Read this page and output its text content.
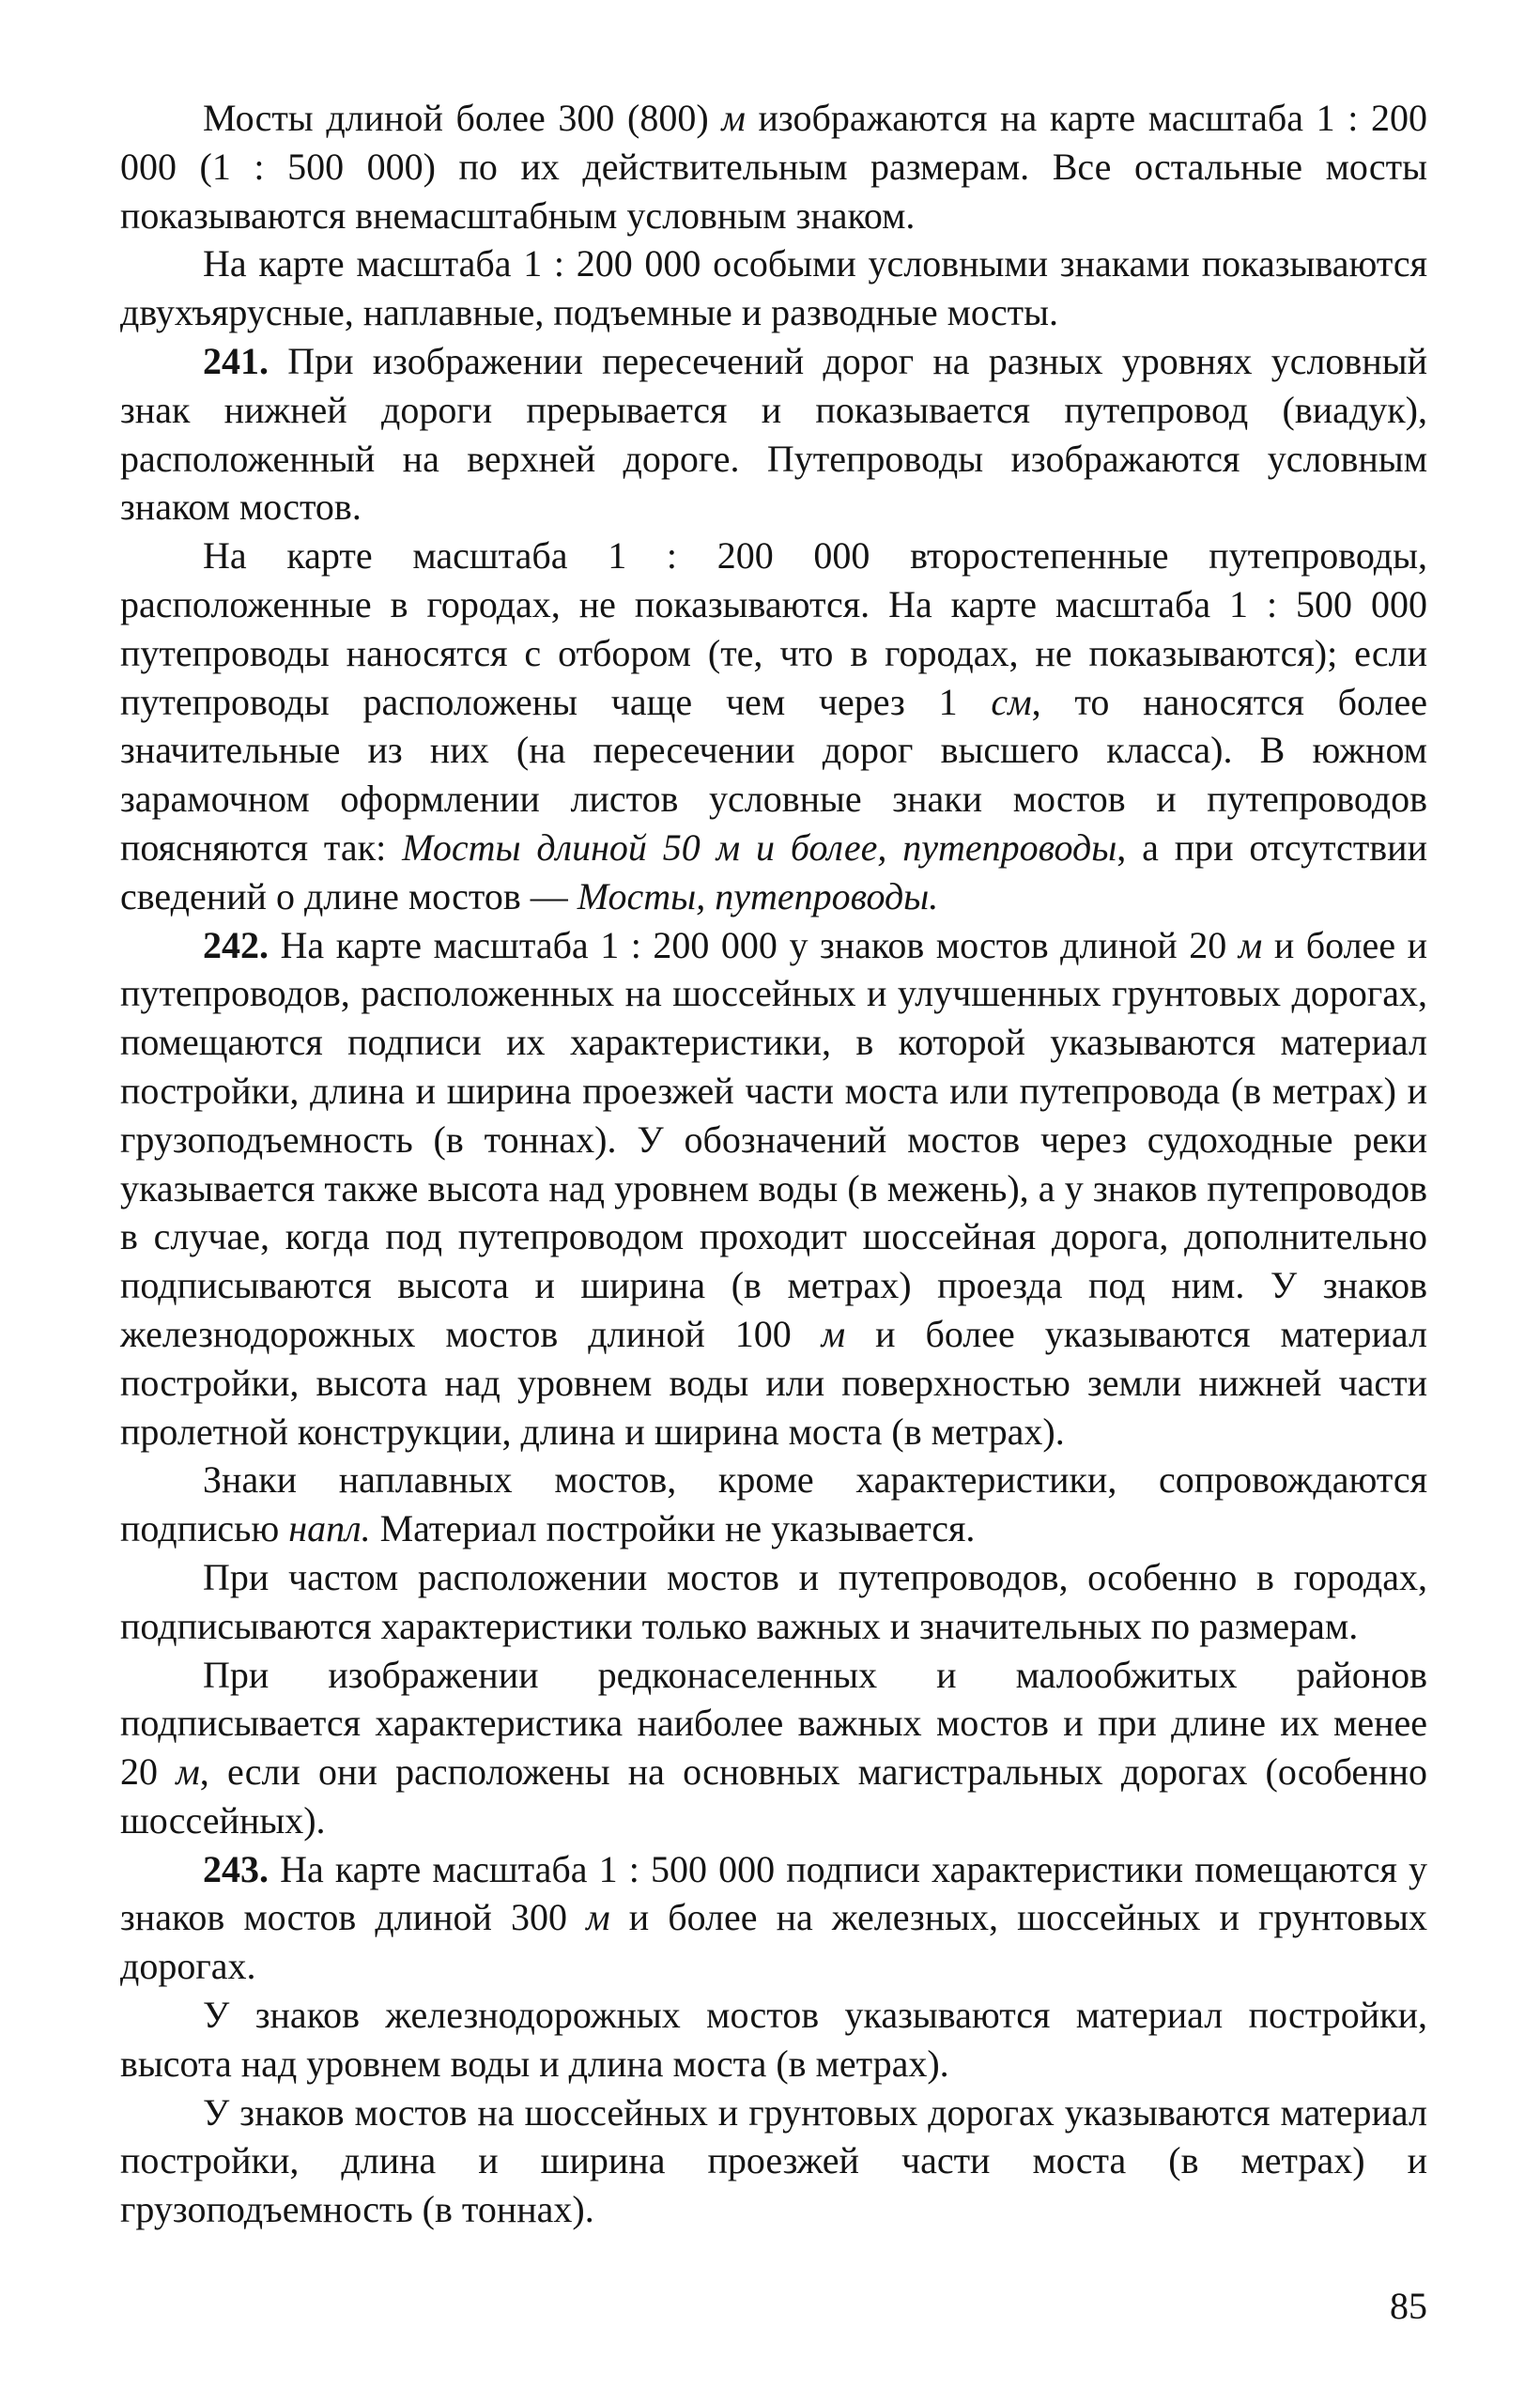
Мосты длиной более 300 (800) м изображаются на карте масштаба 1 : 200 000 (1 : 500 000) по их действительным размерам. Все остальные мосты показываются внемасштабным условным знаком.

На карте масштаба 1 : 200 000 особыми условными знаками показываются двухъярусные, наплавные, подъемные и разводные мосты.

241. При изображении пересечений дорог на разных уровнях условный знак нижней дороги прерывается и показывается путепровод (виадук), расположенный на верхней дороге. Путепроводы изображаются условным знаком мостов.

На карте масштаба 1 : 200 000 второстепенные путепроводы, расположенные в городах, не показываются. На карте масштаба 1 : 500 000 путепроводы наносятся с отбором (те, что в городах, не показываются); если путепроводы расположены чаще чем через 1 см, то наносятся более значительные из них (на пересечении дорог высшего класса). В южном зарамочном оформлении листов условные знаки мостов и путепроводов поясняются так: Мосты длиной 50 м и более, путепроводы, а при отсутствии сведений о длине мостов — Мосты, путепроводы.

242. На карте масштаба 1 : 200 000 у знаков мостов длиной 20 м и более и путепроводов, расположенных на шоссейных и улучшенных грунтовых дорогах, помещаются подписи их характеристики, в которой указываются материал постройки, длина и ширина проезжей части моста или путепровода (в метрах) и грузоподъемность (в тоннах). У обозначений мостов через судоходные реки указывается также высота над уровнем воды (в межень), а у знаков путепроводов в случае, когда под путепроводом проходит шоссейная дорога, дополнительно подписываются высота и ширина (в метрах) проезда под ним. У знаков железнодорожных мостов длиной 100 м и более указываются материал постройки, высота над уровнем воды или поверхностью земли нижней части пролетной конструкции, длина и ширина моста (в метрах).

Знаки наплавных мостов, кроме характеристики, сопровождаются подписью напл. Материал постройки не указывается.

При частом расположении мостов и путепроводов, особенно в городах, подписываются характеристики только важных и значительных по размерам.

При изображении редконаселенных и малообжитых районов подписывается характеристика наиболее важных мостов и при длине их менее 20 м, если они расположены на основных магистральных дорогах (особенно шоссейных).

243. На карте масштаба 1 : 500 000 подписи характеристики помещаются у знаков мостов длиной 300 м и более на железных, шоссейных и грунтовых дорогах.

У знаков железнодорожных мостов указываются материал постройки, высота над уровнем воды и длина моста (в метрах).

У знаков мостов на шоссейных и грунтовых дорогах указываются материал постройки, длина и ширина проезжей части моста (в метрах) и грузоподъемность (в тоннах).

85
